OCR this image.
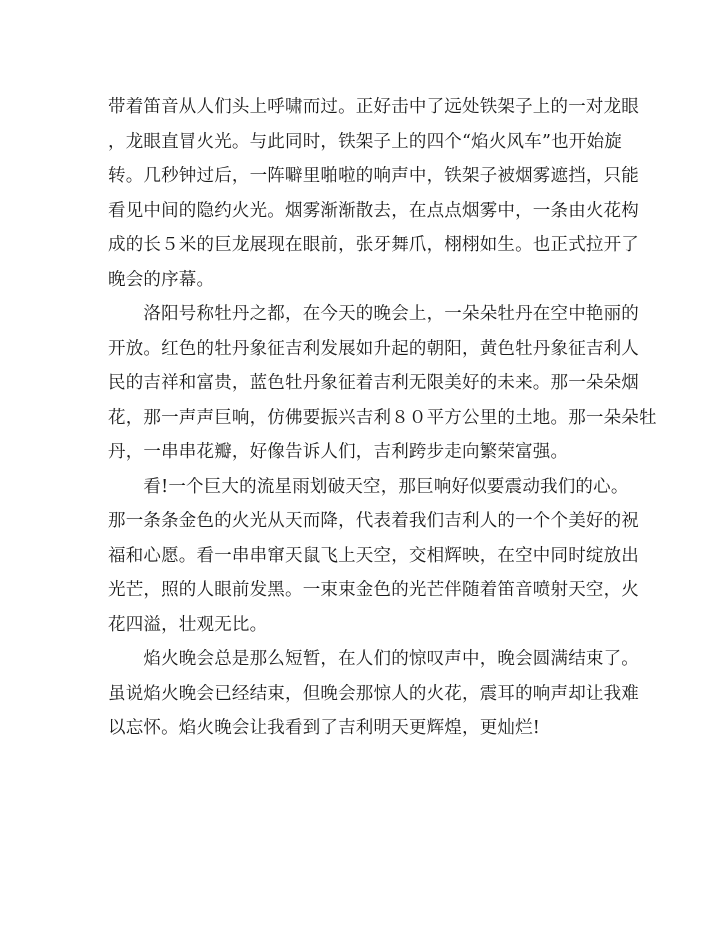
带着笛音从人们头上呼啸而过。正好击中了远处铁架子上的一对龙眼
，龙眼直冒火光。与此同时，铁架子上的四个“焰火风车”也开始旋
转。几秒钟过后，一阵噼里啪啦的响声中，铁架子被烟雾遮挡，只能
看见中间的隐约火光。烟雾渐渐散去，在点点烟雾中，一条由火花构
成的长５米的巨龙展现在眼前，张牙舞爪，栩栩如生。也正式拉开了
晚会的序幕。
　　洛阳号称牡丹之都，在今天的晚会上，一朵朵牡丹在空中艳丽的
开放。红色的牡丹象征吉利发展如升起的朝阳，黄色牡丹象征吉利人
民的吉祥和富贵，蓝色牡丹象征着吉利无限美好的未来。那一朵朵烟
花，那一声声巨响，仿佛要振兴吉利８０平方公里的土地。那一朵朵牡
丹，一串串花瓣，好像告诉人们，吉利跨步走向繁荣富强。
　　看!一个巨大的流星雨划破天空，那巨响好似要震动我们的心。
那一条条金色的火光从天而降，代表着我们吉利人的一个个美好的祝
福和心愿。看一串串窜天鼠飞上天空，交相辉映，在空中同时绽放出
光芒，照的人眼前发黑。一束束金色的光芒伴随着笛音喷射天空，火
花四溢，壮观无比。
　　焰火晚会总是那么短暂，在人们的惊叹声中，晚会圆满结束了。
虽说焰火晚会已经结束，但晚会那惊人的火花，震耳的响声却让我难
以忘怀。焰火晚会让我看到了吉利明天更辉煌，更灿烂!
